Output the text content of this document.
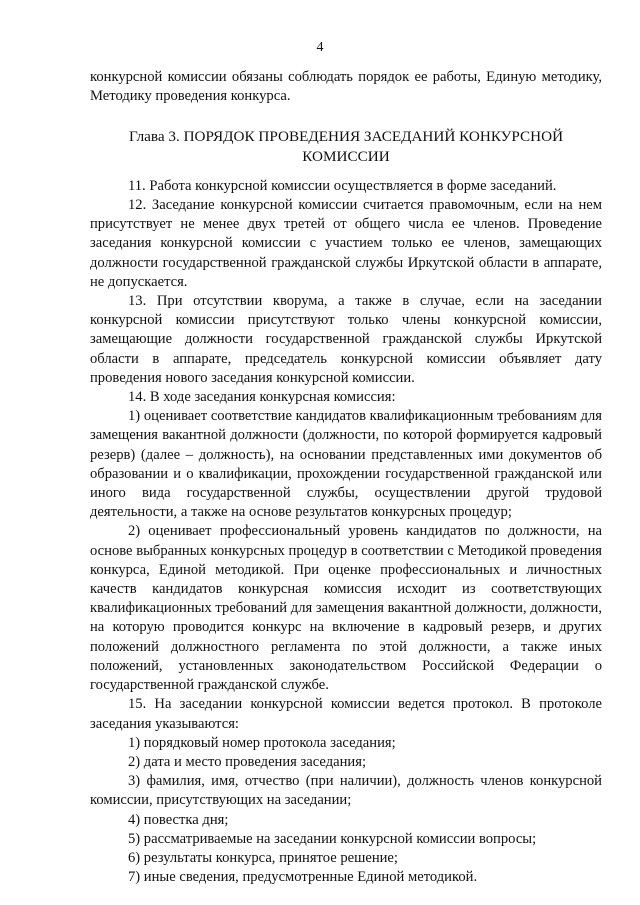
4

конкурсной комиссии обязаны соблюдать порядок ее работы, Единую методику, Методику проведения конкурса.

Глава 3. ПОРЯДОК ПРОВЕДЕНИЯ ЗАСЕДАНИЙ КОНКУРСНОЙ КОМИССИИ

11. Работа конкурсной комиссии осуществляется в форме заседаний.

12. Заседание конкурсной комиссии считается правомочным, если на нем присутствует не менее двух третей от общего числа ее членов. Проведение заседания конкурсной комиссии с участием только ее членов, замещающих должности государственной гражданской службы Иркутской области в аппарате, не допускается.

13. При отсутствии кворума, а также в случае, если на заседании конкурсной комиссии присутствуют только члены конкурсной комиссии, замещающие должности государственной гражданской службы Иркутской области в аппарате, председатель конкурсной комиссии объявляет дату проведения нового заседания конкурсной комиссии.

14. В ходе заседания конкурсная комиссия:

1) оценивает соответствие кандидатов квалификационным требованиям для замещения вакантной должности (должности, по которой формируется кадровый резерв) (далее – должность), на основании представленных ими документов об образовании и о квалификации, прохождении государственной гражданской или иного вида государственной службы, осуществлении другой трудовой деятельности, а также на основе результатов конкурсных процедур;

2) оценивает профессиональный уровень кандидатов по должности, на основе выбранных конкурсных процедур в соответствии с Методикой проведения конкурса, Единой методикой. При оценке профессиональных и личностных качеств кандидатов конкурсная комиссия исходит из соответствующих квалификационных требований для замещения вакантной должности, должности, на которую проводится конкурс на включение в кадровый резерв, и других положений должностного регламента по этой должности, а также иных положений, установленных законодательством Российской Федерации о государственной гражданской службе.

15. На заседании конкурсной комиссии ведется протокол. В протоколе заседания указываются:

1) порядковый номер протокола заседания;

2) дата и место проведения заседания;

3) фамилия, имя, отчество (при наличии), должность членов конкурсной комиссии, присутствующих на заседании;

4) повестка дня;

5) рассматриваемые на заседании конкурсной комиссии вопросы;

6) результаты конкурса, принятое решение;

7) иные сведения, предусмотренные Единой методикой.
